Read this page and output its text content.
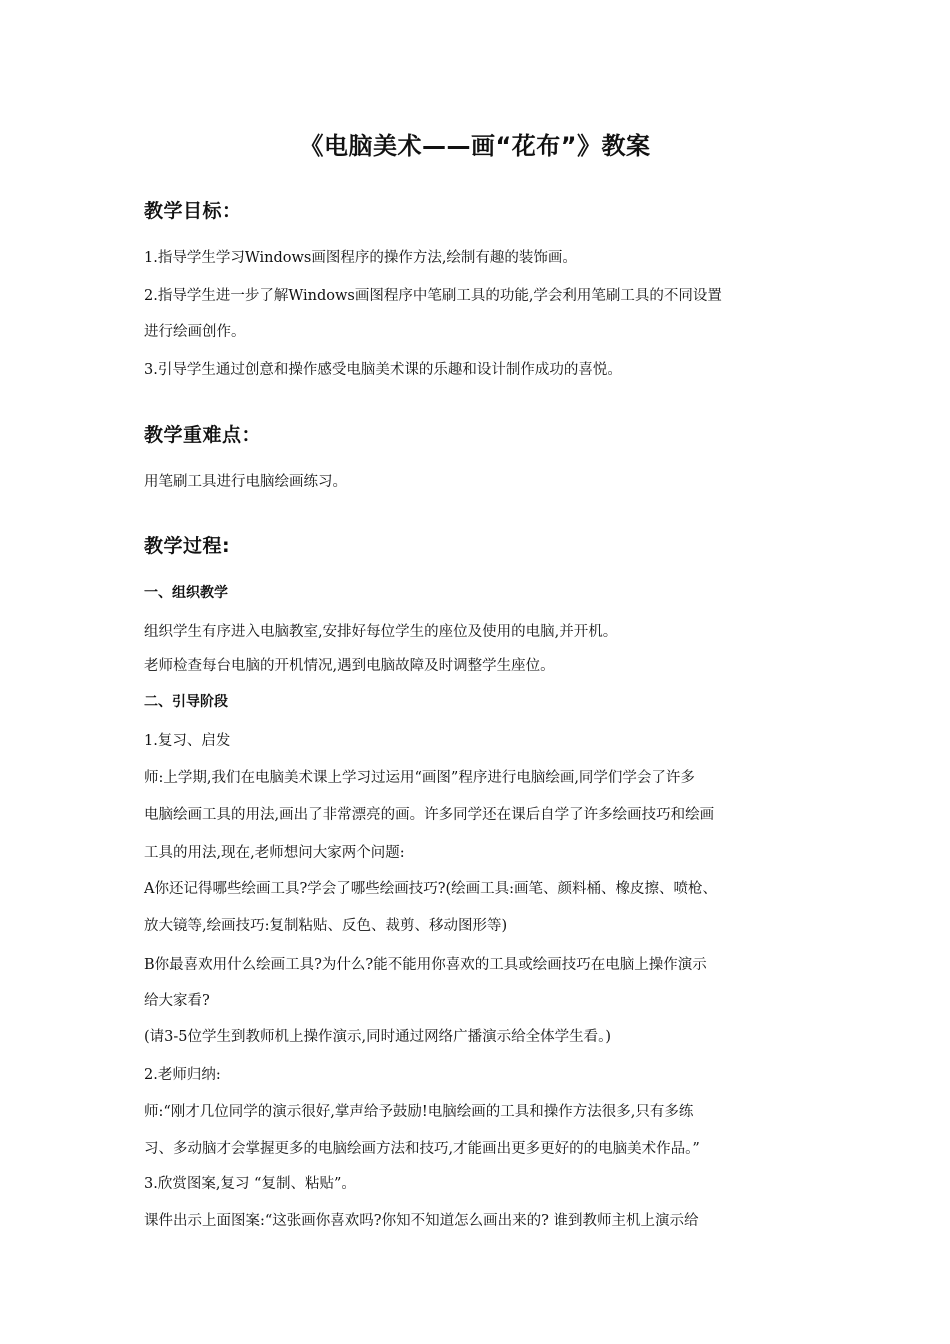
《电脑美术——画“花布”》教案
教学目标：
1.指导学生学习Windows画图程序的操作方法,绘制有趣的装饰画。
2.指导学生进一步了解Windows画图程序中笔刷工具的功能,学会利用笔刷工具的不同设置
进行绘画创作。
3.引导学生通过创意和操作感受电脑美术课的乐趣和设计制作成功的喜悦。
教学重难点：
用笔刷工具进行电脑绘画练习。
教学过程:
一、组织教学
组织学生有序进入电脑教室,安排好每位学生的座位及使用的电脑,并开机。
老师检查每台电脑的开机情况,遇到电脑故障及时调整学生座位。
二、引导阶段
1.复习、启发
师:上学期,我们在电脑美术课上学习过运用“画图”程序进行电脑绘画,同学们学会了许多
电脑绘画工具的用法,画出了非常漂亮的画。许多同学还在课后自学了许多绘画技巧和绘画
工具的用法,现在,老师想问大家两个问题:
A你还记得哪些绘画工具?学会了哪些绘画技巧?(绘画工具:画笔、颜料桶、橡皮擦、喷枪、
放大镜等,绘画技巧:复制粘贴、反色、裁剪、移动图形等)
B你最喜欢用什么绘画工具?为什么?能不能用你喜欢的工具或绘画技巧在电脑上操作演示
给大家看?
(请3-5位学生到教师机上操作演示,同时通过网络广播演示给全体学生看。)
2.老师归纳:
师:“刚才几位同学的演示很好,掌声给予鼓励!电脑绘画的工具和操作方法很多,只有多练
习、多动脑才会掌握更多的电脑绘画方法和技巧,才能画出更多更好的的电脑美术作品。”
3.欣赏图案,复习 “复制、粘贴”。
课件出示上面图案:“这张画你喜欢吗?你知不知道怎么画出来的? 谁到教师主机上演示给
